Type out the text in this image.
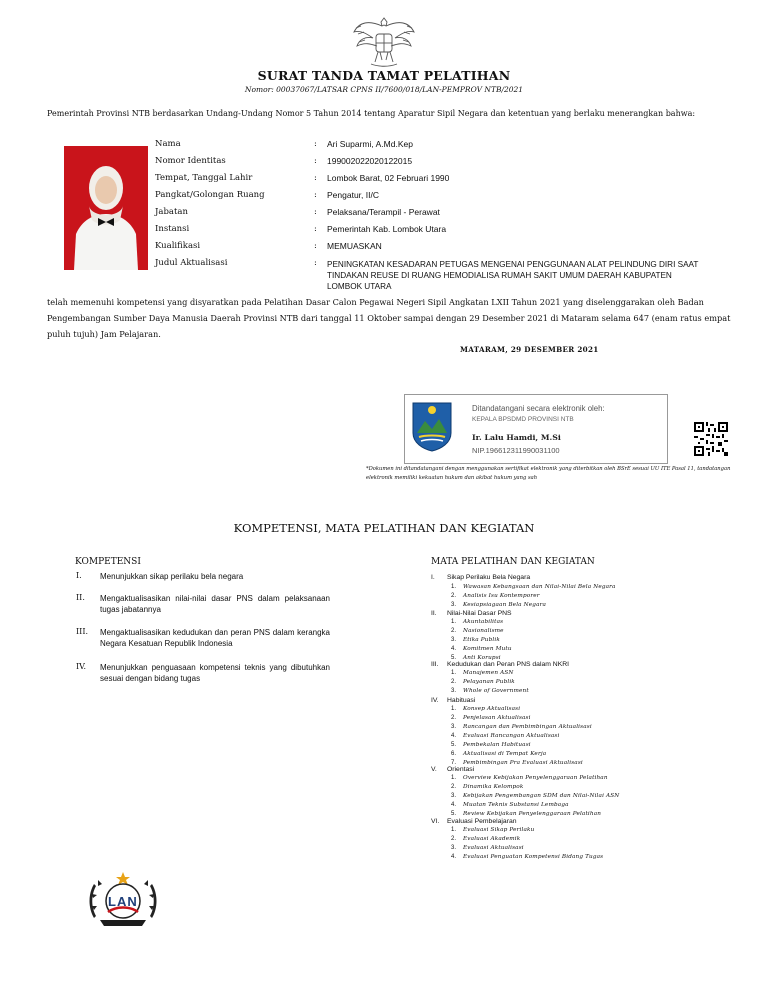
SURAT TANDA TAMAT PELATIHAN
Nomor: 00037067/LATSAR CPNS II/7600/018/LAN-PEMPROV NTB/2021
Pemerintah Provinsi NTB berdasarkan Undang-Undang Nomor 5 Tahun 2014 tentang Aparatur Sipil Negara dan ketentuan yang berlaku menerangkan bahwa:
Nama	: Ari Suparmi, A.Md.Kep
Nomor Identitas	: 199002022020122015
Tempat, Tanggal Lahir	: Lombok Barat, 02 Februari 1990
Pangkat/Golongan Ruang	: Pengatur, II/C
Jabatan	: Pelaksana/Terampil - Perawat
Instansi	: Pemerintah Kab. Lombok Utara
Kualifikasi	: MEMUASKAN
Judul Aktualisasi	: PENINGKATAN KESADARAN PETUGAS MENGENAI PENGGUNAAN ALAT PELINDUNG DIRI SAAT TINDAKAN REUSE DI RUANG HEMODIALISA RUMAH SAKIT UMUM DAERAH KABUPATEN LOMBOK UTARA
telah memenuhi kompetensi yang disyaratkan pada Pelatihan Dasar Calon Pegawai Negeri Sipil Angkatan LXII Tahun 2021 yang diselenggarakan oleh Badan Pengembangan Sumber Daya Manusia Daerah Provinsi NTB dari tanggal 11 Oktober sampai dengan 29 Desember 2021 di Mataram selama 647 (enam ratus empat puluh tujuh) Jam Pelajaran.
MATARAM, 29 DESEMBER 2021
Ditandatangani secara elektronik oleh:
KEPALA BPSDMD PROVINSI NTB
Ir. Lalu Hamdi, M.Si
NIP.196612311990031100
*Dokumen ini ditandatangani dengan menggunakan sertifikat elektronik yang diterbitkan oleh BSrE sesuai UU ITE Pasal 11, tandatangan elektronik memiliki kekuatan hukum dan akibat hukum yang sah
KOMPETENSI, MATA PELATIHAN DAN KEGIATAN
KOMPETENSI	MATA PELATIHAN DAN KEGIATAN
I. Menunjukkan sikap perilaku bela negara
II. Mengaktualisasikan nilai-nilai dasar PNS dalam pelaksanaan tugas jabatannya
III. Mengaktualisasikan kedudukan dan peran PNS dalam kerangka Negara Kesatuan Republik Indonesia
IV. Menunjukkan penguasaan kompetensi teknis yang dibutuhkan sesuai dengan bidang tugas
I. Sikap Perilaku Bela Negara
1. Wawasan Kebangsaan dan Nilai-Nilai Bela Negara
2. Analisis Isu Kontemporer
3. Kesiapsiagaan Bela Negara
II. Nilai-Nilai Dasar PNS
1. Akuntabilitas
2. Nasionalisme
3. Etika Publik
4. Komitmen Mutu
5. Anti Korupsi
III. Kedudukan dan Peran PNS dalam NKRI
1. Manajemen ASN
2. Pelayanan Publik
3. Whole of Government
IV. Habituasi
1. Konsep Aktualisasi
2. Penjelasan Aktualisasi
3. Rancangan dan Pembimbingan Aktualisasi
4. Evaluasi Rancangan Aktualisasi
5. Pembekalan Habituasi
6. Aktualisasi di Tempat Kerja
7. Pembimbingan Pra Evaluasi Aktualisasi
V. Orientasi
1. Overview Kebijakan Penyelenggaraan Pelatihan
2. Dinamika Kelompok
3. Kebijakan Pengembangan SDM dan Nilai-Nilai ASN
4. Muatan Teknis Substansi Lembaga
5. Review Kebijakan Penyelenggaraan Pelatihan
VI. Evaluasi Pembelajaran
1. Evaluasi Sikap Perilaku
2. Evaluasi Akademik
3. Evaluasi Aktualisasi
4. Evaluasi Penguatan Kompetensi Bidang Tugas
LAN
